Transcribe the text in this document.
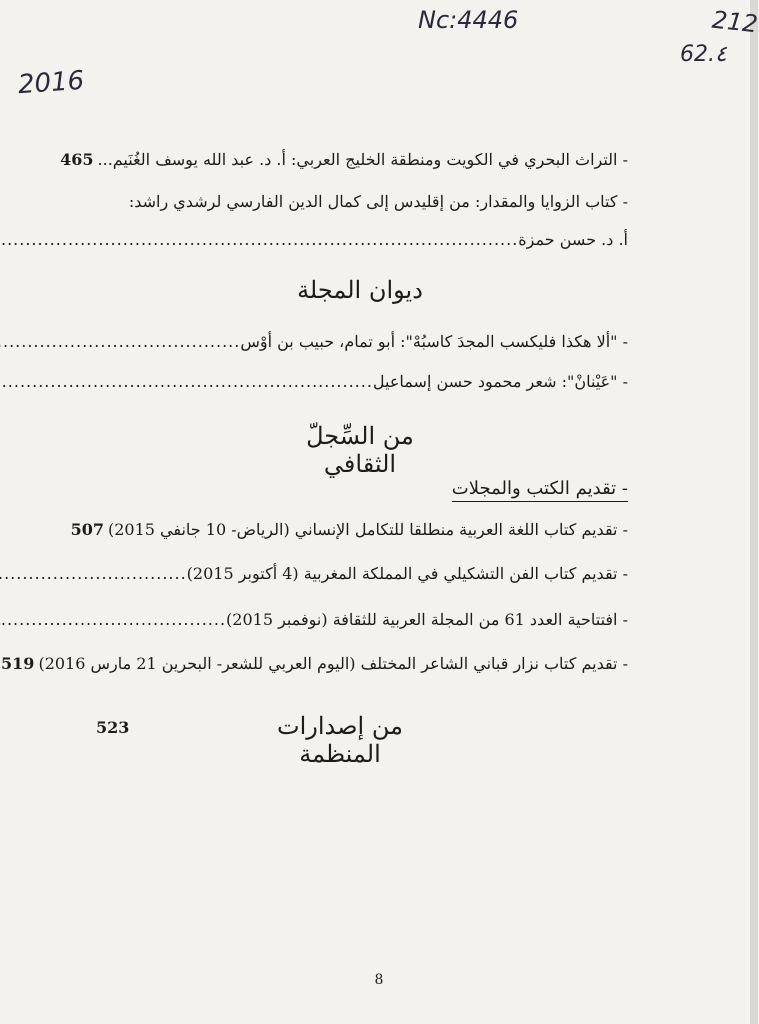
Nc:4446	212
62.٤
2016
- التراث البحري في الكويت ومنطقة الخليج العربي: أ. د. عبد الله يوسف الغُنَيم...
465
- كتاب الزوايا والمقدار: من إقليدس إلى كمال الدين الفارسي لرشدي راشد:
أ. د. حسن حمزة
.....
ديوان المجلة
- "ألا هكذا فليكسب المجدَ كاسبُهْ": أبو تمام، حبيب بن أوْس
.....
- "عَيْنانْ": شعر محمود حسن إسماعيل
.....
من السِّجلّ الثقافي
- تقديم الكتب والمجلات
- تقديم كتاب اللغة العربية منطلقا للتكامل الإنساني (الرياض- 10 جانفي 2015)
507
- تقديم كتاب الفن التشكيلي في المملكة المغربية (4 أكتوبر 2015)
.....
- افتتاحية العدد 61 من المجلة العربية للثقافة (نوفمبر 2015)
.....
- تقديم كتاب نزار قباني الشاعر المختلف (اليوم العربي للشعر- البحرين 21 مارس 2016)
519
من إصدارات المنظمة
523
8
